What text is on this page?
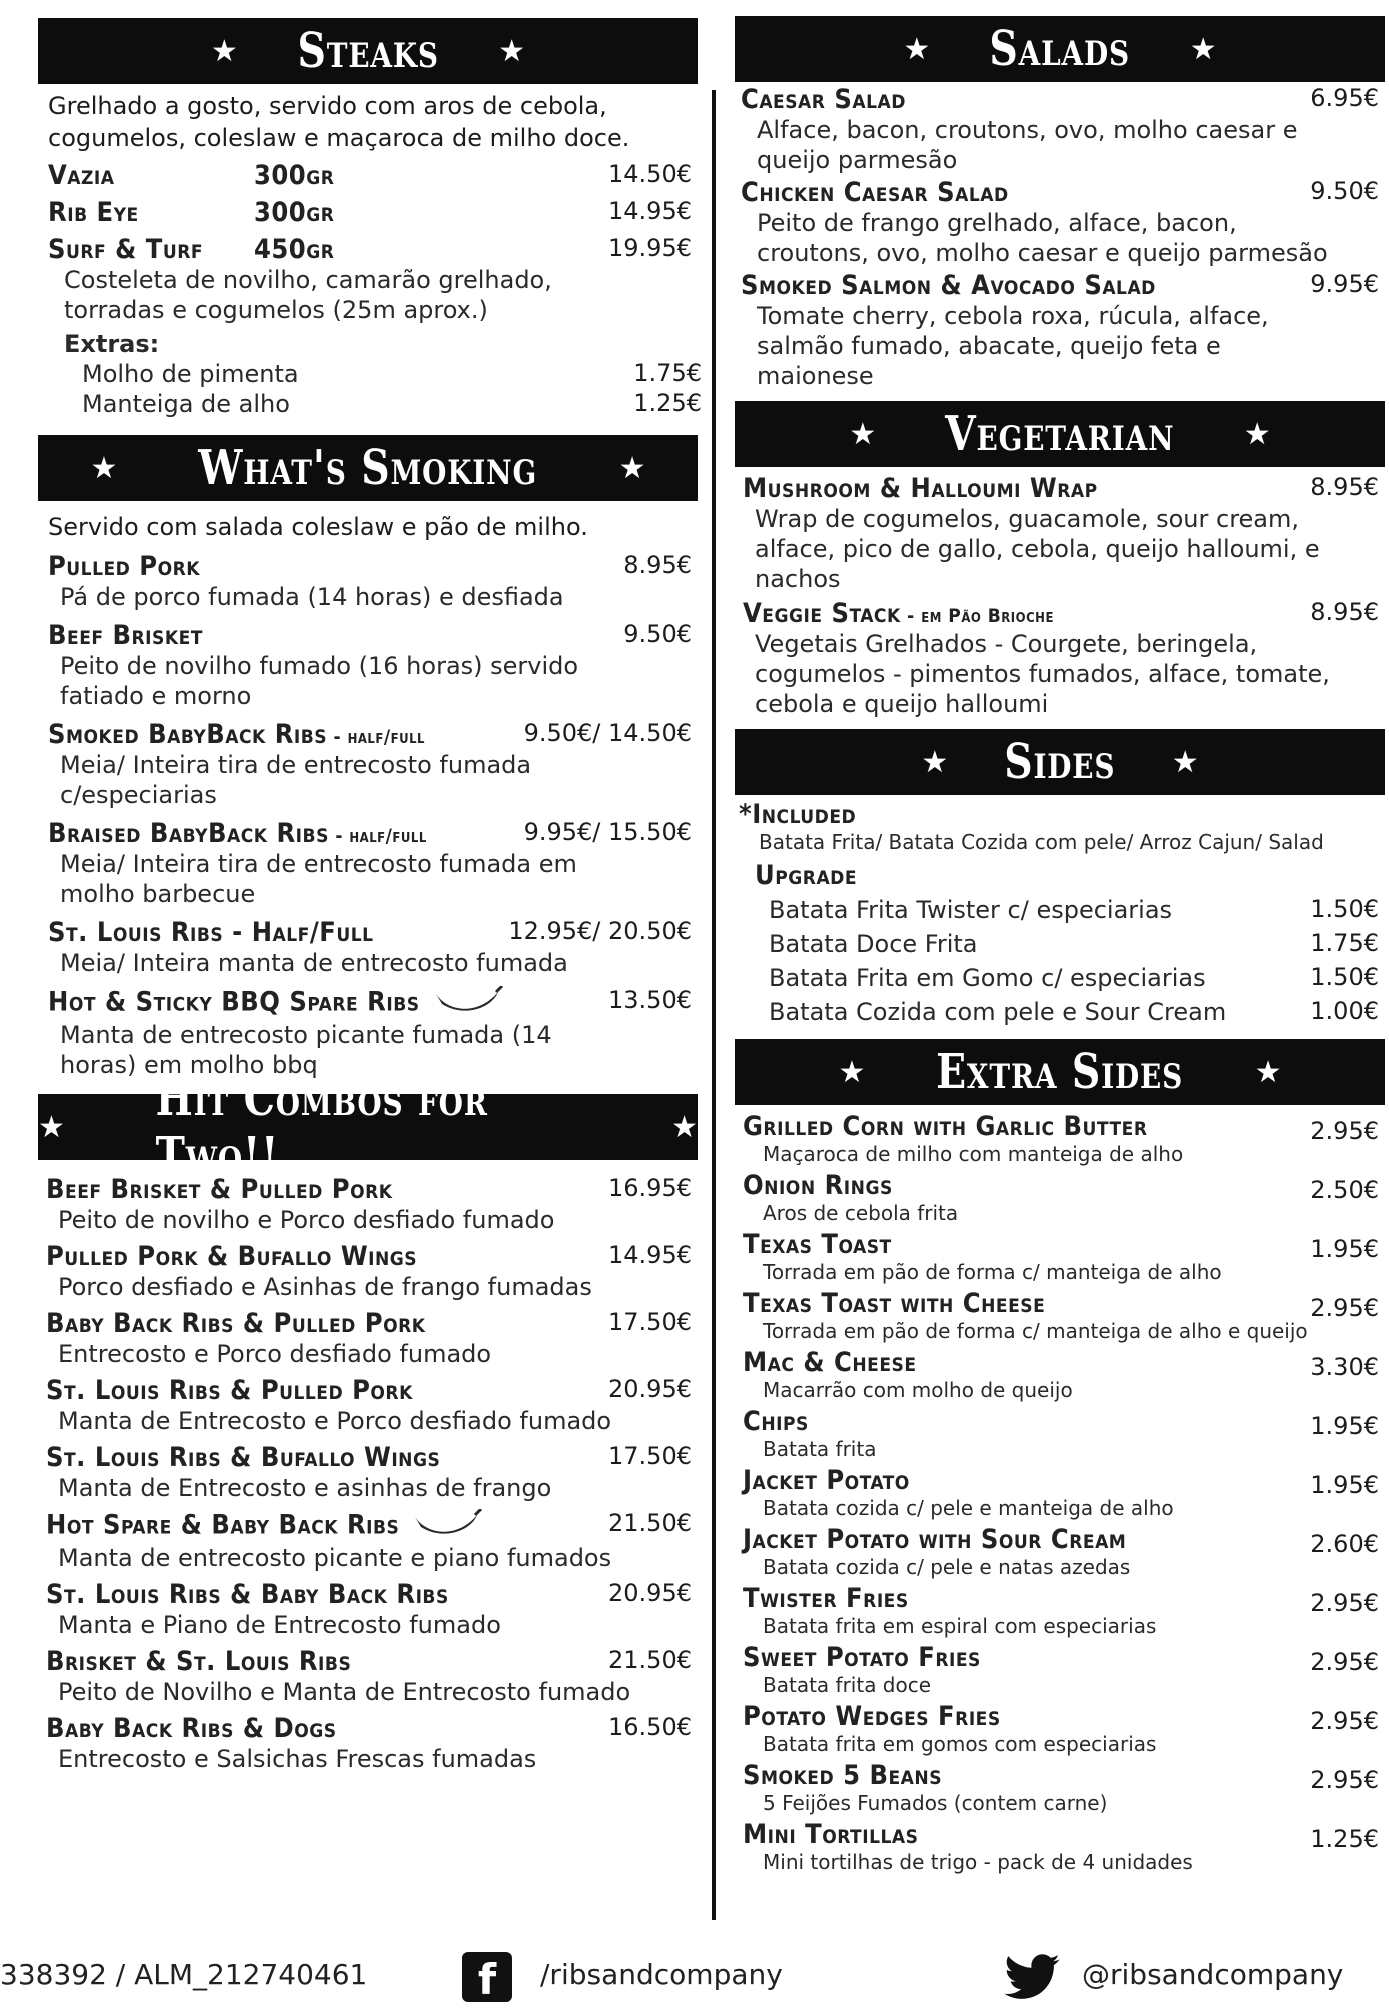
★ Steaks ★
Grelhado a gosto, servido com aros de cebola, cogumelos, coleslaw e maçaroca de milho doce.
Vazia	300gr	14.50€
Rib Eye	300gr	14.95€
Surf & Turf 450gr	19.95€
Costeleta de novilho, camarão grelhado, torradas e cogumelos (25m aprox.)
Extras:
Molho de pimenta	1.75€
Manteiga de alho	1.25€
★ What's Smoking	★
Servido com salada coleslaw e pão de milho.
Pulled Pork	8.95€
Pá de porco fumada (14 horas) e desfiada
Beef Brisket	9.50€
Peito de novilho fumado (16 horas) servido fatiado e morno
Smoked BabyBack Ribs - half/full	9.50€/ 14.50€
Meia/ Inteira tira de entrecosto fumada c/especiarias
Braised BabyBack Ribs - half/full	9.95€/ 15.50€
Meia/ Inteira tira de entrecosto fumada em molho barbecue
St. Louis Ribs - Half/Full	12.95€/ 20.50€
Meia/ Inteira manta de entrecosto fumada
Hot & Sticky BBQ Spare Ribs	13.50€
Manta de entrecosto picante fumada (14 horas) em molho bbq
★ Hit Combos for Two!!	★
Beef Brisket & Pulled Pork	16.95€
Peito de novilho e Porco desfiado fumado
Pulled Pork & Bufallo Wings	14.95€
Porco desfiado e Asinhas de frango fumadas
Baby Back Ribs & Pulled Pork	17.50€
Entrecosto e Porco desfiado fumado
St. Louis Ribs & Pulled Pork	20.95€
Manta de Entrecosto e Porco desfiado fumado
St. Louis Ribs & Bufallo Wings	17.50€
Manta de Entrecosto e asinhas de frango
Hot Spare & Baby Back Ribs	21.50€
Manta de entrecosto picante e piano fumados
St. Louis Ribs & Baby Back Ribs	20.95€
Manta e Piano de Entrecosto fumado
Brisket & St. Louis Ribs	21.50€
Peito de Novilho e Manta de Entrecosto fumado
Baby Back Ribs & Dogs	16.50€
Entrecosto e Salsichas Frescas fumadas
★ Salads ★
Caesar Salad	6.95€
Alface, bacon, croutons, ovo, molho caesar e queijo parmesão
Chicken Caesar Salad	9.50€
Peito de frango grelhado, alface, bacon, croutons, ovo, molho caesar e queijo parmesão
Smoked Salmon & Avocado Salad	9.95€
Tomate cherry, cebola roxa, rúcula, alface, salmão fumado, abacate, queijo feta e maionese
★ Vegetarian ★
Mushroom & Halloumi Wrap	8.95€
Wrap de cogumelos, guacamole, sour cream, alface, pico de gallo, cebola, queijo halloumi, e nachos
Veggie Stack - em Pão Brioche	8.95€
Vegetais Grelhados - Courgete, beringela, cogumelos - pimentos fumados, alface, tomate, cebola e queijo halloumi
★ Sides ★
*Included
Batata Frita/ Batata Cozida com pele/ Arroz Cajun/ Salad
Upgrade
Batata Frita Twister c/ especiarias	1.50€
Batata Doce Frita	1.75€
Batata Frita em Gomo c/ especiarias	1.50€
Batata Cozida com pele e Sour Cream	1.00€
★ Extra Sides ★
Grilled Corn with Garlic Butter	2.95€
Maçaroca de milho com manteiga de alho
Onion Rings	2.50€
Aros de cebola frita
Texas Toast	1.95€
Torrada em pão de forma c/ manteiga de alho
Texas Toast with Cheese	2.95€
Torrada em pão de forma c/ manteiga de alho e queijo
Mac & Cheese	3.30€
Macarrão com molho de queijo
Chips	1.95€
Batata frita
Jacket Potato	1.95€
Batata cozida c/ pele e manteiga de alho
Jacket Potato with Sour Cream	2.60€
Batata cozida c/ pele e natas azedas
Twister Fries	2.95€
Batata frita em espiral com especiarias
Sweet Potato Fries	2.95€
Batata frita doce
Potato Wedges Fries	2.95€
Batata frita em gomos com especiarias
Smoked 5 Beans	2.95€
5 Feijões Fumados (contem carne)
Mini Tortillas	1.25€
Mini tortilhas de trigo - pack de 4 unidades
338392 / ALM_212740461	f	/ribsandcompany	@ribsandcompany
